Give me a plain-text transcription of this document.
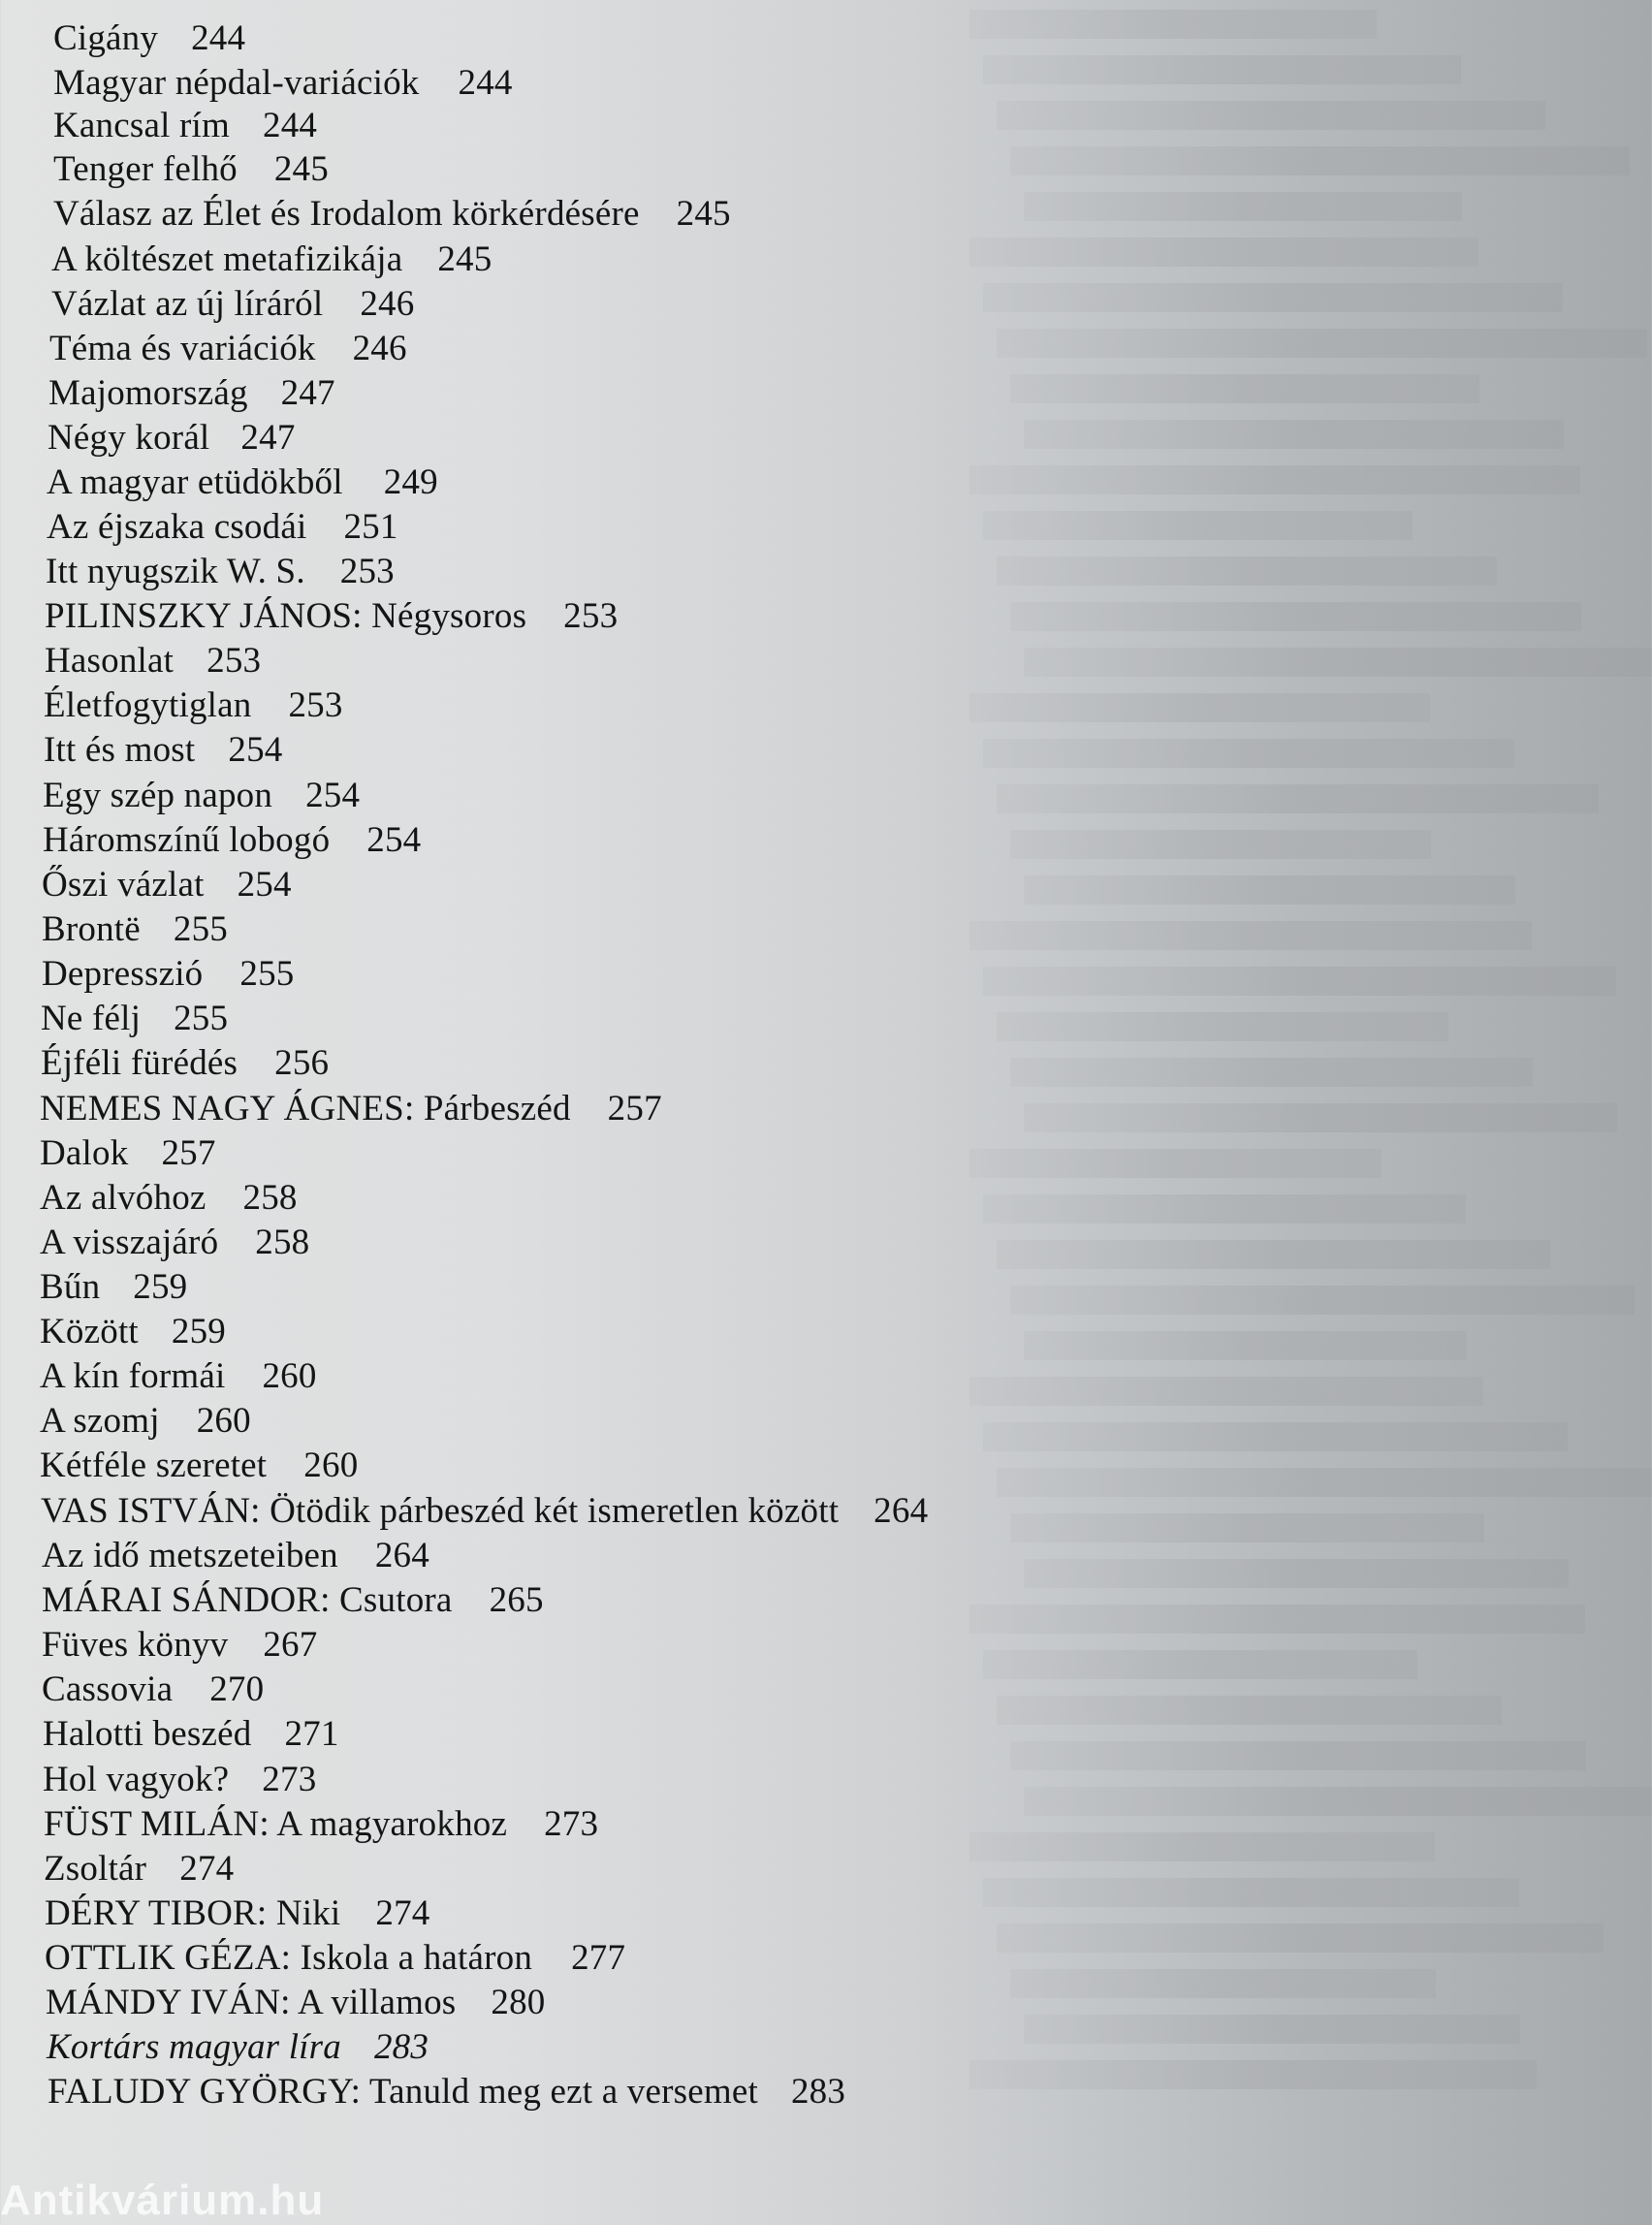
Cigány 244
Magyar népdal-variációk 244
Kancsal rím 244
Tenger felhő 245
Válasz az Élet és Irodalom körkérdésére 245
A költészet metafizikája 245
Vázlat az új líráról 246
Téma és variációk 246
Majomország 247
Négy korál 247
A magyar etüdökből 249
Az éjszaka csodái 251
Itt nyugszik W. S. 253
PILINSZKY JÁNOS: Négysoros 253
Hasonlat 253
Életfogytiglan 253
Itt és most 254
Egy szép napon 254
Háromszínű lobogó 254
Őszi vázlat 254
Brontë 255
Depresszió 255
Ne félj 255
Éjféli fürédés 256
NEMES NAGY ÁGNES: Párbeszéd 257
Dalok 257
Az alvóhoz 258
A visszajáró 258
Bűn 259
Között 259
A kín formái 260
A szomj 260
Kétféle szeretet 260
VAS ISTVÁN: Ötödik párbeszéd két ismeretlen között 264
Az idő metszeteiben 264
MÁRAI SÁNDOR: Csutora 265
Füves könyv 267
Cassovia 270
Halotti beszéd 271
Hol vagyok? 273
FÜST MILÁN: A magyarokhoz 273
Zsoltár 274
DÉRY TIBOR: Niki 274
OTTLIK GÉZA: Iskola a határon 277
MÁNDY IVÁN: A villamos 280
Kortárs magyar líra 283
FALUDY GYÖRGY: Tanuld meg ezt a versemet 283
Antikvárium.hu
